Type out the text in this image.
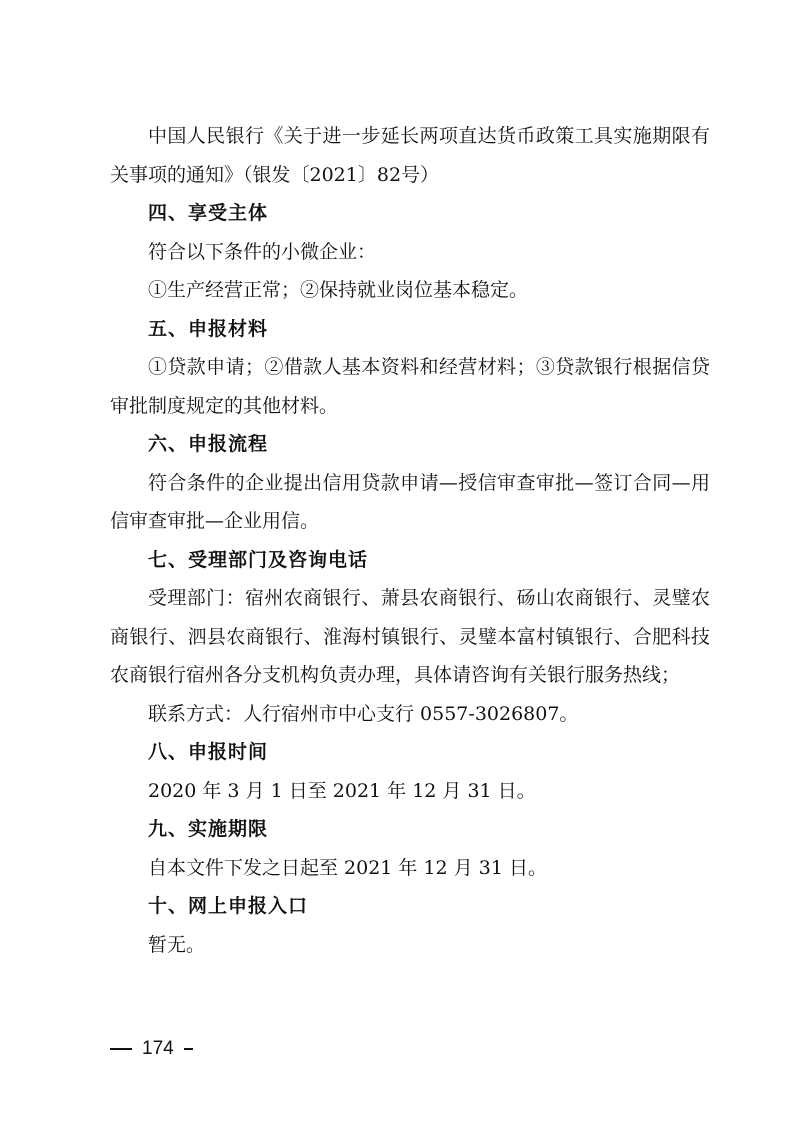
中国人民银行《关于进一步延长两项直达货币政策工具实施期限有关事项的通知》（银发〔2021〕82号）

四、享受主体

符合以下条件的小微企业：

①生产经营正常；②保持就业岗位基本稳定。

五、申报材料

①贷款申请；②借款人基本资料和经营材料；③贷款银行根据信贷审批制度规定的其他材料。

六、申报流程

符合条件的企业提出信用贷款申请—授信审查审批—签订合同—用信审查审批—企业用信。

七、受理部门及咨询电话

受理部门：宿州农商银行、萧县农商银行、砀山农商银行、灵璧农商银行、泗县农商银行、淮海村镇银行、灵璧本富村镇银行、合肥科技农商银行宿州各分支机构负责办理，具体请咨询有关银行服务热线；

联系方式：人行宿州市中心支行 0557-3026807。

八、申报时间

2020 年 3 月 1 日至 2021 年 12 月 31 日。

九、实施期限

自本文件下发之日起至 2021 年 12 月 31 日。

十、网上申报入口

暂无。

174
